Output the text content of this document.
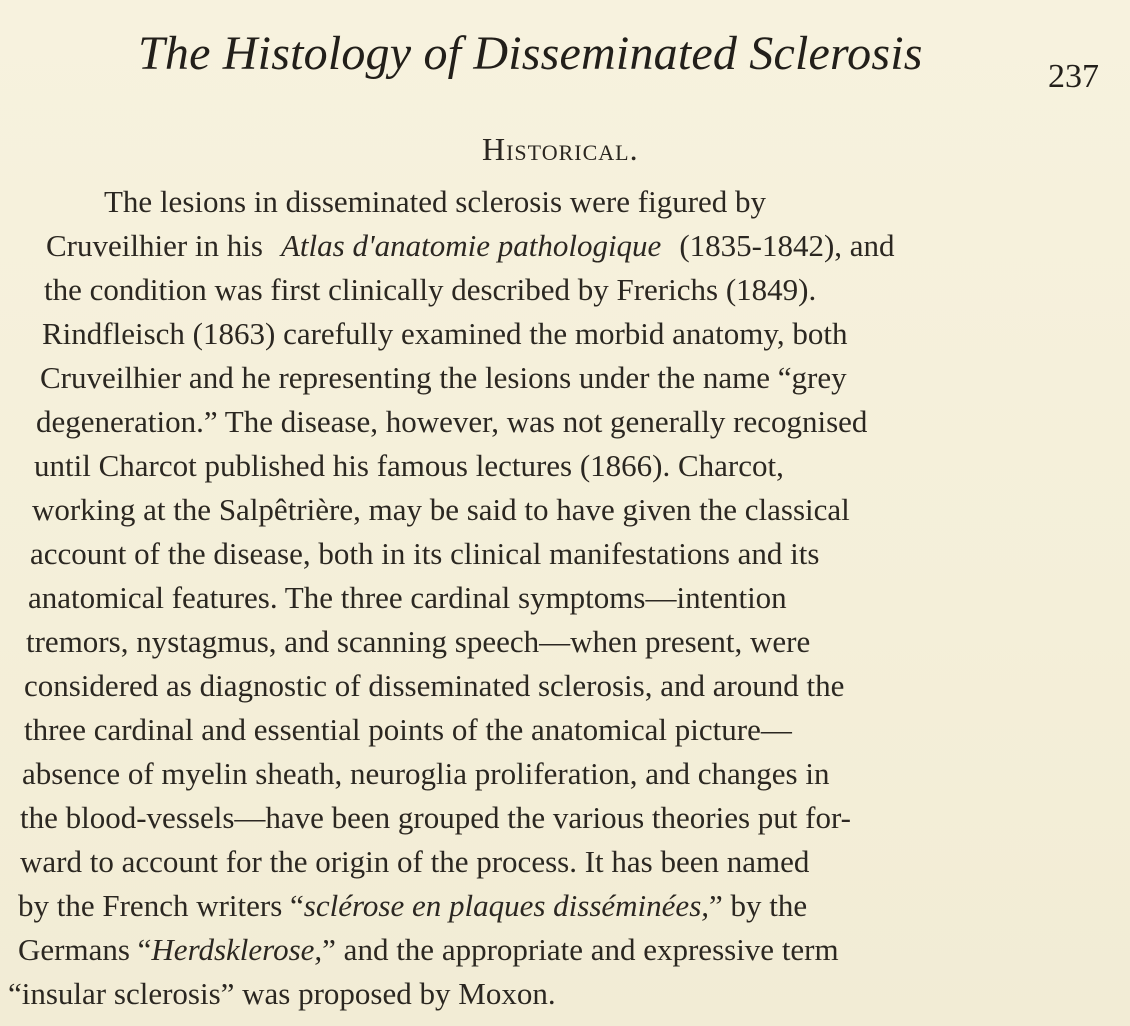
The Histology of Disseminated Sclerosis	237
Historical.
The lesions in disseminated sclerosis were figured by
Cruveilhier in his Atlas d'anatomie pathologique (1835-1842), and
the condition was first clinically described by Frerichs (1849).
Rindfleisch (1863) carefully examined the morbid anatomy, both
Cruveilhier and he representing the lesions under the name “grey
degeneration.” The disease, however, was not generally recognised
until Charcot published his famous lectures (1866). Charcot,
working at the Salpêtrière, may be said to have given the classical
account of the disease, both in its clinical manifestations and its
anatomical features. The three cardinal symptoms—intention
tremors, nystagmus, and scanning speech—when present, were
considered as diagnostic of disseminated sclerosis, and around the
three cardinal and essential points of the anatomical picture—
absence of myelin sheath, neuroglia proliferation, and changes in
the blood-vessels—have been grouped the various theories put for-
ward to account for the origin of the process. It has been named
by the French writers “ sclérose en plaques disséminées, ” by the
Germans “ Herdsklerose, ” and the appropriate and expressive term
“insular sclerosis” was proposed by Moxon.
